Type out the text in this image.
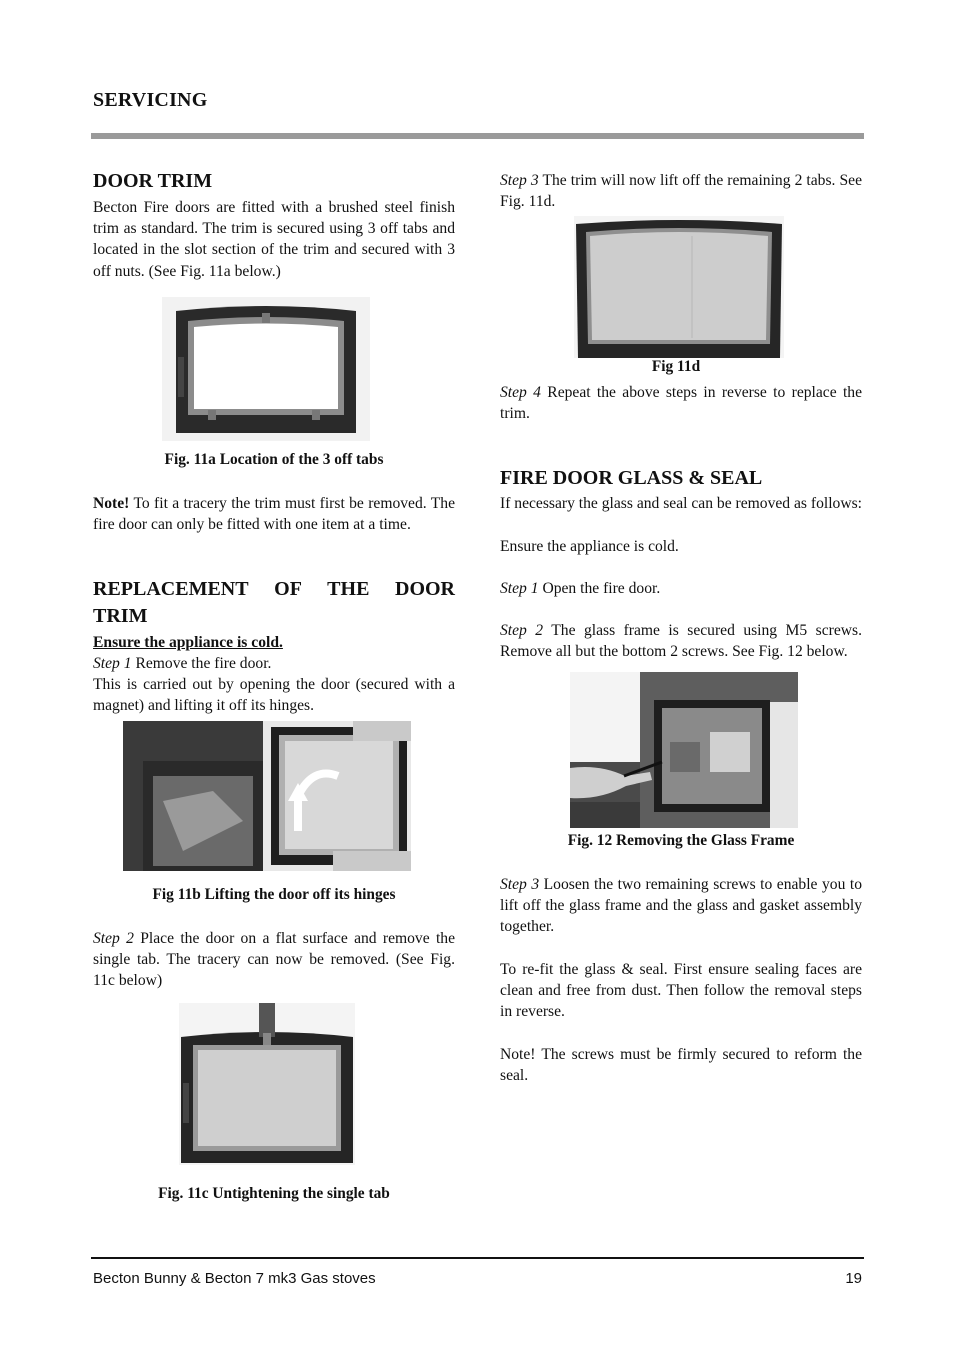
SERVICING
DOOR TRIM
Becton Fire doors are fitted with a brushed steel finish trim as standard. The trim is secured using 3 off tabs and located in the slot section of the trim and secured with 3 off nuts. (See Fig. 11a below.)
Fig. 11a Location of the 3 off tabs
Note! To fit a tracery the trim must first be removed. The fire door can only be fitted with one item at a time.
REPLACEMENT  OF  THE  DOOR
TRIM
Ensure the appliance is cold.
Step 1 Remove the fire door.
This is carried out by opening the door (secured with a magnet) and lifting it off its hinges.
Fig 11b Lifting the door off its hinges
Step 2 Place the door on a flat surface and remove the single tab. The tracery can now be removed. (See Fig. 11c below)
Fig. 11c Untightening the single tab
Step 3 The trim will now lift off the remaining 2 tabs. See Fig. 11d.
Fig 11d
Step 4 Repeat the above steps in reverse to replace the trim.
FIRE DOOR GLASS & SEAL
If necessary the glass and seal can be removed as follows:
Ensure the appliance is cold.
Step 1 Open the fire door.
Step 2 The glass frame is secured using M5 screws. Remove all but the bottom 2 screws. See Fig. 12 below.
Fig. 12 Removing the Glass Frame
Step 3 Loosen the two remaining screws to enable you to lift off the glass frame and the glass and gasket assembly together.
To re-fit the glass & seal. First ensure sealing faces are clean and free from dust. Then follow the removal steps in reverse.
Note! The screws must be firmly secured to reform the seal.
Becton Bunny & Becton 7 mk3 Gas stoves	19
